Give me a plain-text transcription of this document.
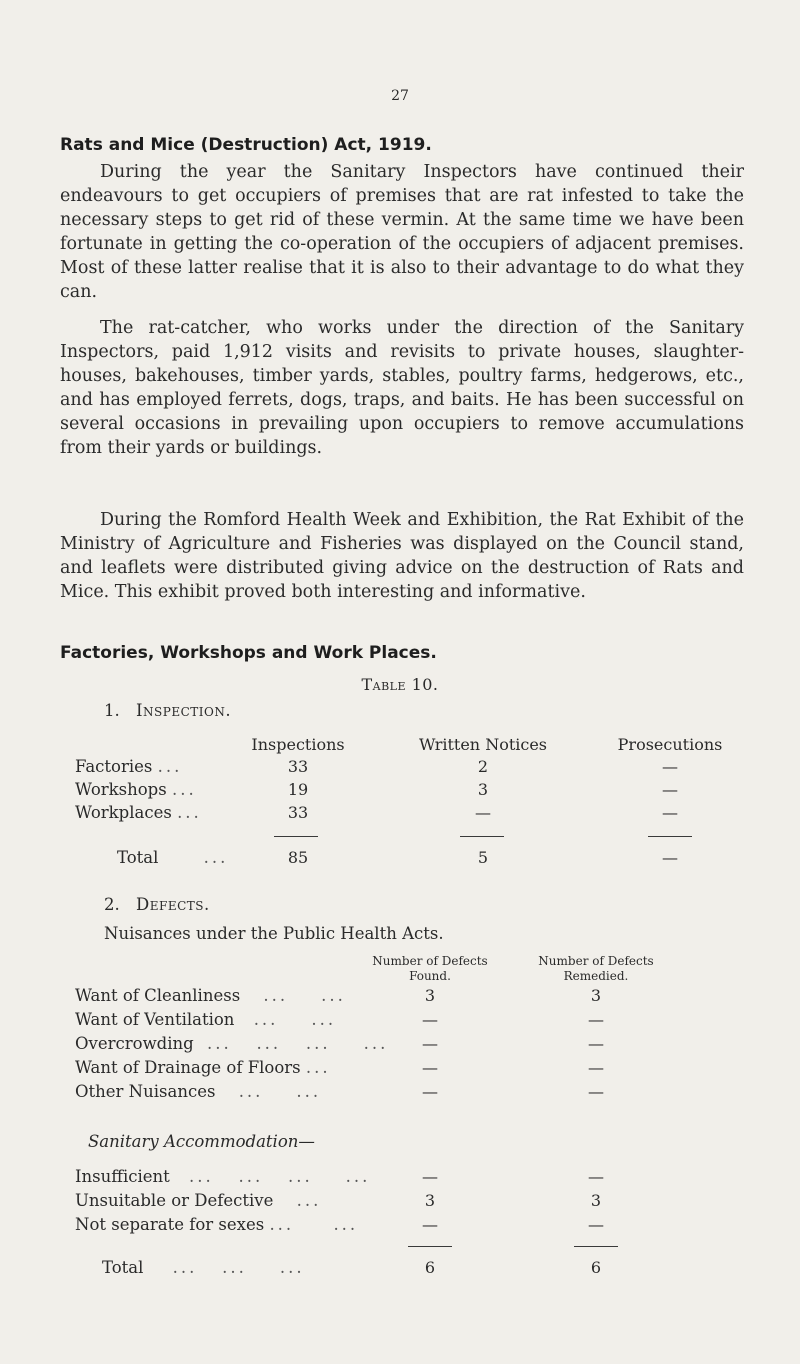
27
Rats and Mice (Destruction) Act, 1919.

During the year the Sanitary Inspectors have continued their endeavours to get occupiers of premises that are rat infested to take the necessary steps to get rid of these vermin. At the same time we have been fortunate in getting the co-operation of the occupiers of adjacent premises. Most of these latter realise that it is also to their advantage to do what they can.

The rat-catcher, who works under the direction of the Sanitary Inspectors, paid 1,912 visits and revisits to private houses, slaughter-houses, bakehouses, timber yards, stables, poultry farms, hedgerows, etc., and has employed ferrets, dogs, traps, and baits. He has been successful on several occasions in prevailing upon occupiers to remove accumulations from their yards or buildings.

During the Romford Health Week and Exhibition, the Rat Exhibit of the Ministry of Agriculture and Fisheries was displayed on the Council stand, and leaflets were distributed giving advice on the destruction of Rats and Mice. This exhibit proved both interesting and informative.

Factories, Workshops and Work Places.
Table 10.
1. Inspection.
Inspections	Written Notices	Prosecutions
Factories ...	33	2	—
Workshops ...	19	3	—
Workplaces ...	33	—	—
Total	...	85	5	—
2. Defects.
Nuisances under the Public Health Acts.
Number of Defects
Found.
Number of Defects
Remedied.
Want of Cleanliness ...    ...	3	3
Want of Ventilation ...    ...	—	—
Overcrowding ...   ...   ...    ...	—	—
Want of Drainage of Floors ...	—	—
Other Nuisances ...    ...	—	—
Sanitary Accommodation—
Insufficient ...   ...   ...    ...	—	—
Unsuitable or Defective ...	3	3
Not separate for sexes ... ...	—	—
Total ...   ...    ...	6	6
